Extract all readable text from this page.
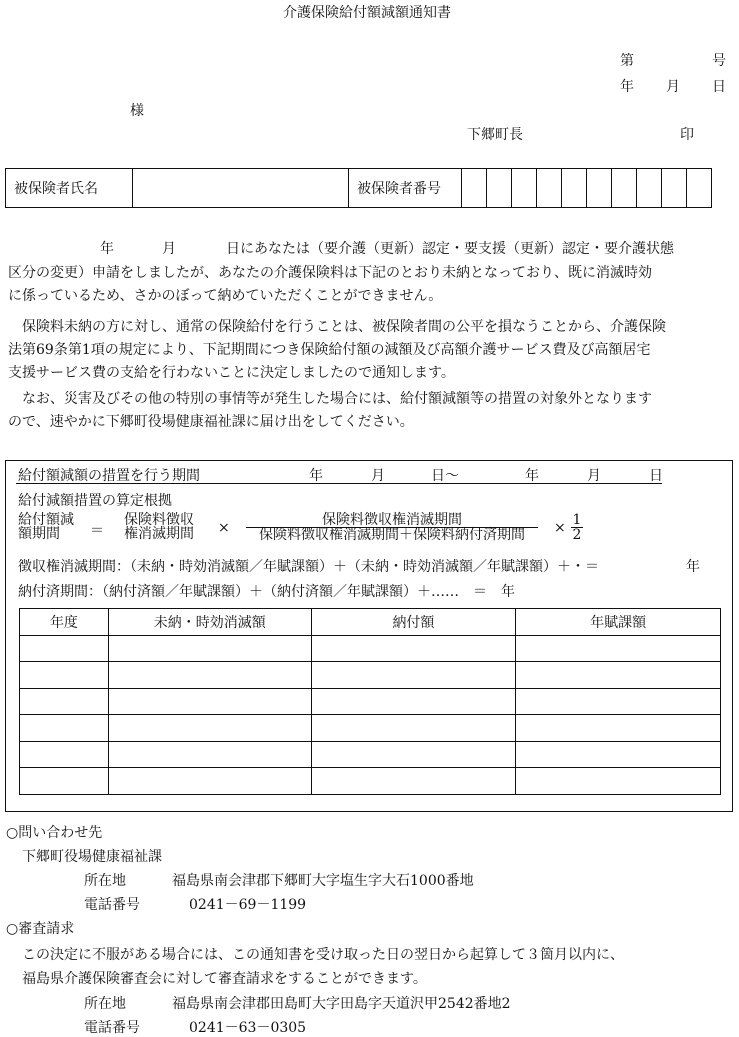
介護保険給付額減額通知書
第	号
年 月 日
様
下郷町長	印
被保険者氏名		被保険者番号										
年	月	日 にあなたは（要介護（更新）認定・要支援（更新）認定・要介護状態
区分の変更）申請をしましたが、あなたの介護保険料は下記のとおり未納となっており、既に消滅時効
に係っているため、さかのぼって納めていただくことができません。
保険料未納の方に対し、通常の保険給付を行うことは、被保険者間の公平を損なうことから、介護保険
法第69条第1項の規定により、下記期間につき保険給付額の減額及び高額介護サービス費及び高額居宅
支援サービス費の支給を行わないことに決定しましたので通知します。
なお、災害及びその他の特別の事情等が発生した場合には、給付額減額等の措置の対象外となります
ので、速やかに下郷町役場健康福祉課に届け出をしてください。
給付額減額の措置を行う期間	年	月	日～	年	月	日
給付減額措置の算定根拠
給付額減
額期間 ＝
保険料徴収
権消滅期間 ×	保険料徴収権消滅期間
保険料徴収権消滅期間＋保険料納付済期間	× $\frac{1}{2}$
徴収権消滅期間：（未納・時効消滅額／年賦課額）＋（未納・時効消滅額／年賦課額）＋・＝	年
納付済期間：（納付済額／年賦課額）＋（納付済額／年賦課額）＋……　＝　年
年度	未納・時効消滅額	納付額	年賦課額

○問い合わせ先
下郷町役場健康福祉課
所在地	福島県南会津郡下郷町大字塩生字大石1000番地
電話番号	0241－69－1199
○審査請求
この決定に不服がある場合には、この通知書を受け取った日の翌日から起算して３箇月以内に、
福島県介護保険審査会に対して審査請求をすることができます。
所在地	福島県南会津郡田島町大字田島字天道沢甲2542番地2
電話番号	0241－63－0305
